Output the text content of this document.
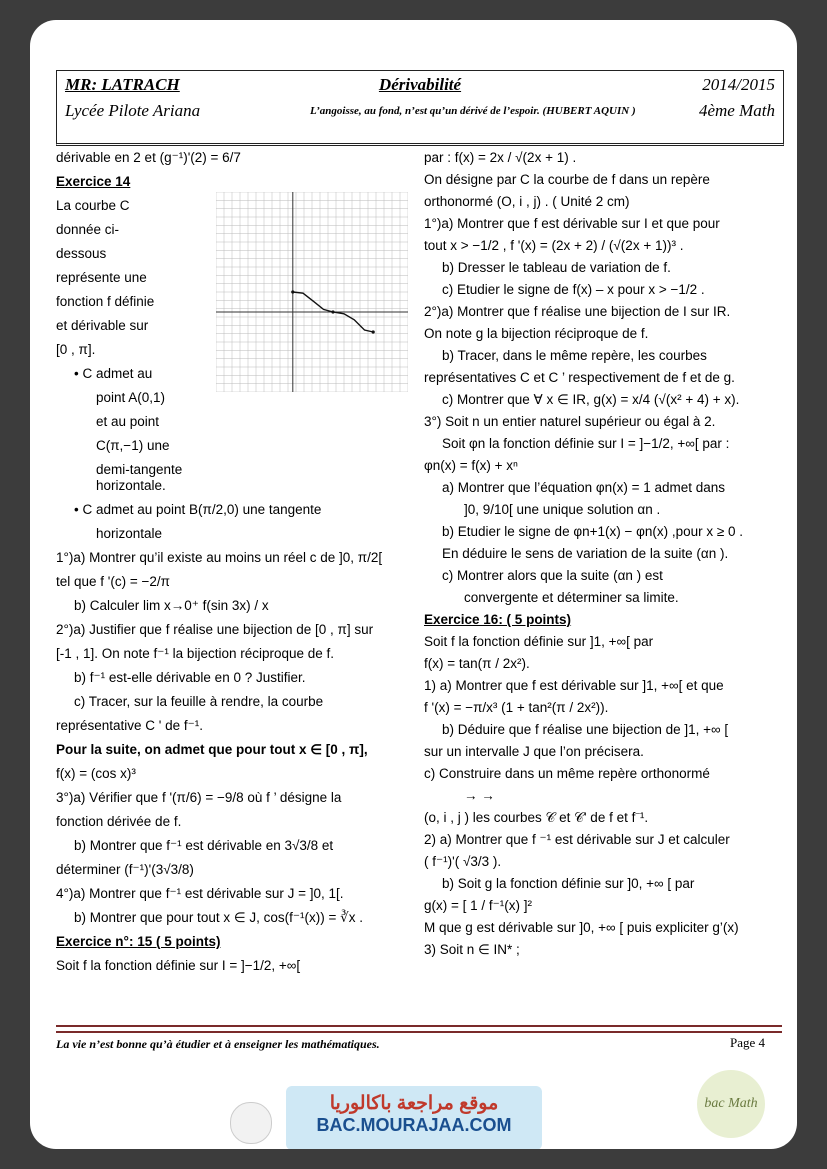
MR: LATRACH	Dérivabilité	2014/2015
Lycée Pilote Ariana	L’angoisse, au fond, n’est qu’un dérivé de l’espoir. (HUBERT AQUIN )	4ème Math

dérivable en 2 et (g⁻¹)'(2) = 6/7

Exercice 14

La courbe C

donnée ci-

dessous

représente une

fonction f définie

et dérivable sur

[0 , π].

• C admet au

point A(0,1)

et au point

C(π,−1) une

demi-tangente horizontale.

• C admet au point B(π/2,0) une tangente

horizontale

1°)a) Montrer qu’il existe au moins un réel c de ]0, π/2[

tel que f '(c) = −2/π

b) Calculer lim x→0⁺ f(sin 3x) / x

2°)a) Justifier que f réalise une bijection de [0 , π] sur

[-1 , 1]. On note f⁻¹ la bijection réciproque de f.

b) f⁻¹ est-elle dérivable en 0 ? Justifier.

c) Tracer, sur la feuille à rendre, la courbe

représentative C ' de f⁻¹.

Pour la suite, on admet que pour tout x ∈ [0 , π],

f(x) = (cos x)³

3°)a) Vérifier que f '(π/6) = −9/8 où f ’ désigne la

fonction dérivée de f.

b) Montrer que f⁻¹ est dérivable en 3√3/8 et

déterminer (f⁻¹)'(3√3/8)

4°)a) Montrer que f⁻¹ est dérivable sur J = ]0, 1[.

b) Montrer que pour tout x ∈ J, cos(f⁻¹(x)) = ∛x .

Exercice n°: 15 ( 5 points)

Soit f la fonction définie sur I = ]−1/2, +∞[

par : f(x) = 2x / √(2x + 1) .

On désigne par C la courbe de f dans un repère

orthonormé (O, i , j) . ( Unité 2 cm)

1°)a) Montrer que f est dérivable sur I et que pour

tout x > −1/2 , f '(x) = (2x + 2) / (√(2x + 1))³ .

b) Dresser le tableau de variation de f.

c) Etudier le signe de f(x) – x pour x > −1/2 .

2°)a) Montrer que f réalise une bijection de I sur IR.

On note g la bijection réciproque de f.

b) Tracer, dans le même repère, les courbes

représentatives C et C ’ respectivement de f et de g.

c) Montrer que ∀ x ∈ IR, g(x) = x/4 (√(x² + 4) + x).

3°) Soit n un entier naturel supérieur ou égal à 2.

Soit φn la fonction définie sur I = ]−1/2, +∞[ par :

φn(x) = f(x) + xⁿ

a) Montrer que l’équation φn(x) = 1 admet dans

]0, 9/10[ une unique solution αn .

b) Etudier le signe de φn+1(x) − φn(x) ,pour x ≥ 0 .

En déduire le sens de variation de la suite (αn ).

c) Montrer alors que la suite (αn ) est

convergente et déterminer sa limite.

Exercice 16: ( 5 points)

Soit f la fonction définie sur ]1, +∞[ par

f(x) = tan(π / 2x²).

1) a) Montrer que f est dérivable sur ]1, +∞[ et que

f '(x) = −π/x³ (1 + tan²(π / 2x²)).

b) Déduire que f réalise une bijection de ]1, +∞ [

sur un intervalle J que l’on précisera.

c) Construire dans un même repère orthonormé

→ →

(o, i , j ) les courbes 𝒞 et 𝒞' de f et f⁻¹.

2) a) Montrer que f ⁻¹ est dérivable sur J et calculer

( f⁻¹)'( √3/3 ).

b) Soit g la fonction définie sur ]0, +∞ [ par

g(x) = [ 1 / f⁻¹(x) ]²

M que g est dérivable sur ]0, +∞ [ puis expliciter g’(x)

3) Soit n ∈ IN* ;

La vie n’est bonne qu’à étudier et à enseigner les mathématiques.	Page 4
موقع مراجعة باكالوريا
BAC.MOURAJAA.COM
bac Math
